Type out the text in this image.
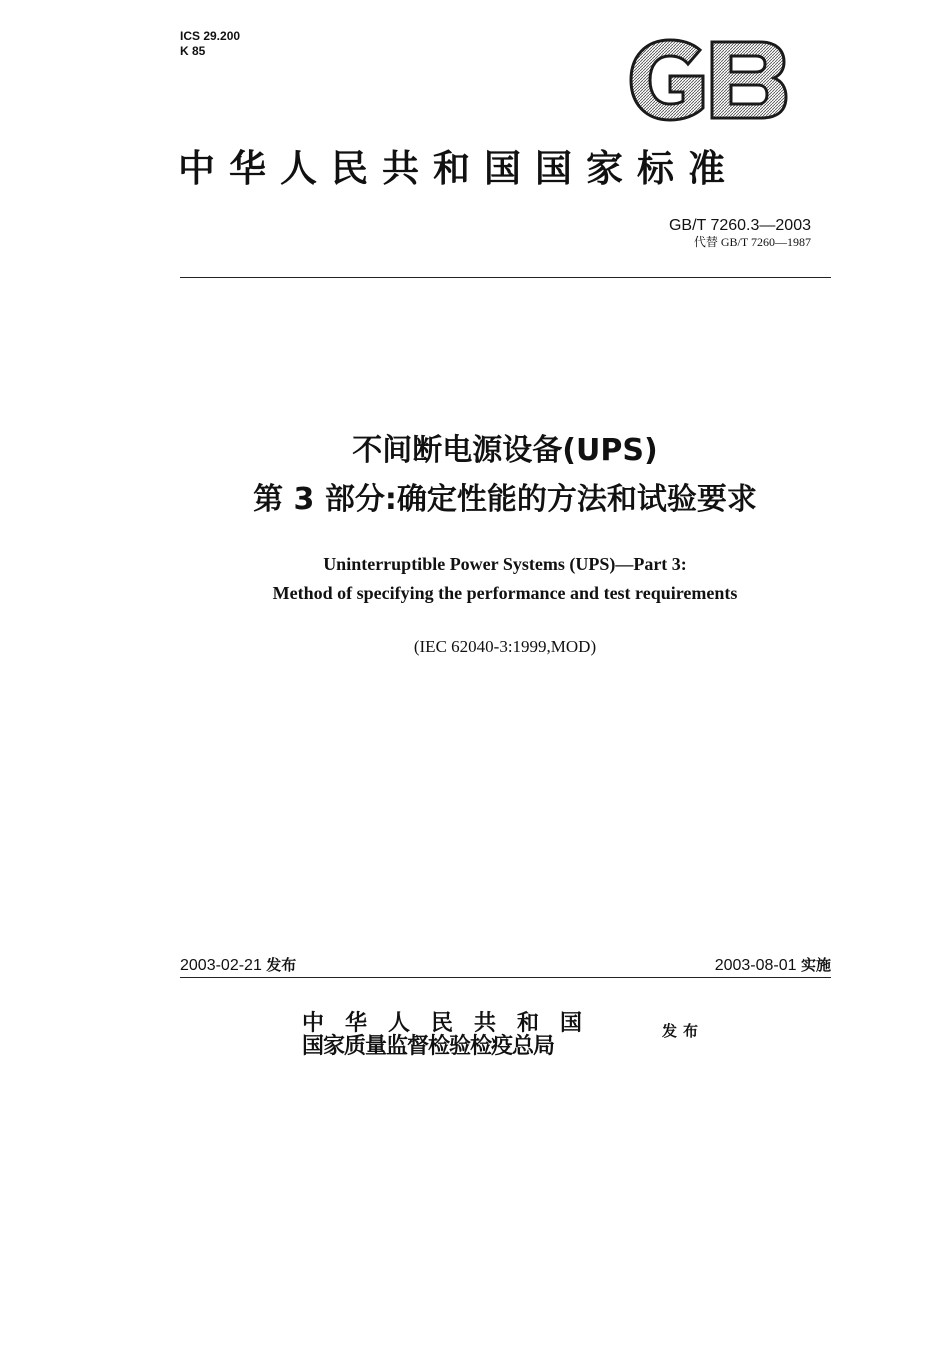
ICS 29.200
K 85
中华人民共和国国家标准
GB/T 7260.3—2003
代替 GB/T 7260—1987
不间断电源设备(UPS)
第 3 部分:确定性能的方法和试验要求
Uninterruptible Power Systems (UPS)—Part 3:
Method of specifying the performance and test requirements
(IEC 62040-3:1999,MOD)
2003-02-21 发布	2003-08-01 实施
中华人民共和国
国家质量监督检验检疫总局
发布
